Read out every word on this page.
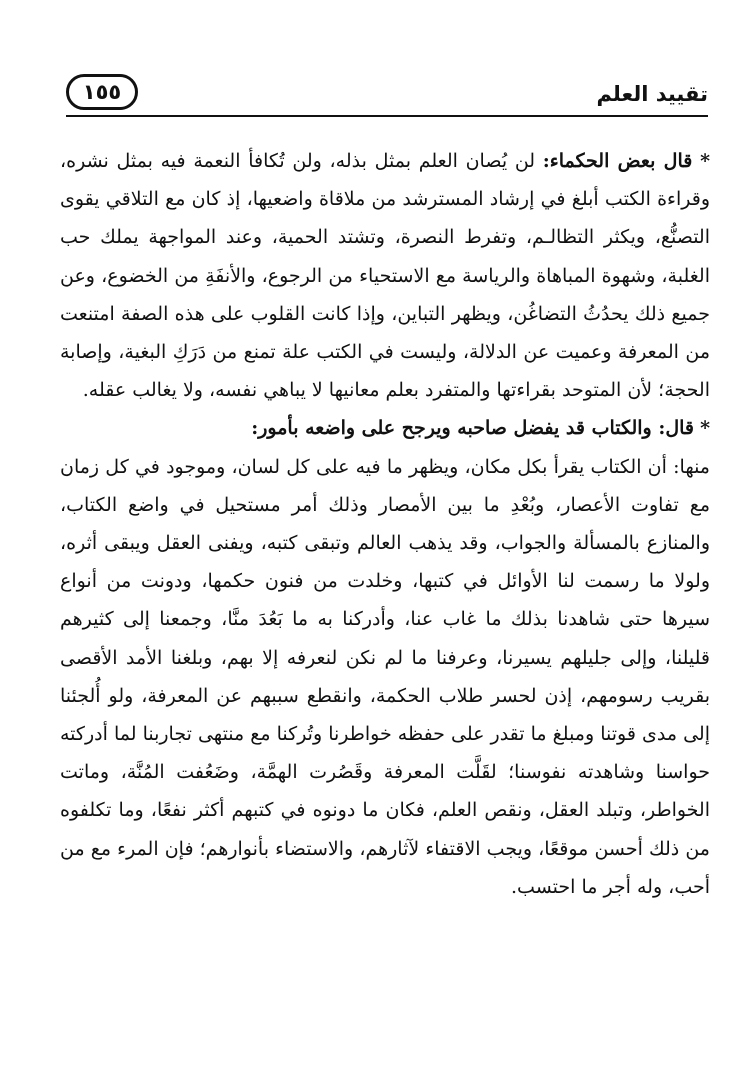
تقييد العلم
١٥٥

* قال بعض الحكماء: لن يُصان العلم بمثل بذله، ولن تُكافأ النعمة فيه بمثل نشره، وقراءة الكتب أبلغ في إرشاد المسترشد من ملاقاة واضعيها، إذ كان مع التلاقي يقوى التصنُّع، ويكثر التظالـم، وتفرط النصرة، وتشتد الحمية، وعند المواجهة يملك حب الغلبة، وشهوة المباهاة والرياسة مع الاستحياء من الرجوع، والأنفَةِ من الخضوع، وعن جميع ذلك يحدُثُ التضاغُن، ويظهر التباين، وإذا كانت القلوب على هذه الصفة امتنعت من المعرفة وعميت عن الدلالة، وليست في الكتب علة تمنع من دَرَكِ البغية، وإصابة الحجة؛ لأن المتوحد بقراءتها والمتفرد بعلم معانيها لا يباهي نفسه، ولا يغالب عقله.

* قال: والكتاب قد يفضل صاحبه ويرجح على واضعه بأمور:

منها: أن الكتاب يقرأ بكل مكان، ويظهر ما فيه على كل لسان، وموجود في كل زمان مع تفاوت الأعصار، وبُعْدِ ما بين الأمصار وذلك أمر مستحيل في واضع الكتاب، والمنازع بالمسألة والجواب، وقد يذهب العالم وتبقى كتبه، ويفنى العقل ويبقى أثره، ولولا ما رسمت لنا الأوائل في كتبها، وخلدت من فنون حكمها، ودونت من أنواع سيرها حتى شاهدنا بذلك ما غاب عنا، وأدركنا به ما بَعُدَ منَّا، وجمعنا إلى كثيرهم قليلنا، وإلى جليلهم يسيرنا، وعرفنا ما لم نكن لنعرفه إلا بهم، وبلغنا الأمد الأقصى بقريب رسومهم، إذن لحسر طلاب الحكمة، وانقطع سببهم عن المعرفة، ولو أُلجئنا إلى مدى قوتنا ومبلغ ما تقدر على حفظه خواطرنا وتُركنا مع منتهى تجاربنا لما أدركته حواسنا وشاهدته نفوسنا؛ لقَلَّت المعرفة وقَصُرت الهمَّة، وضَعُفت المُنَّة، وماتت الخواطر، وتبلد العقل، ونقص العلم، فكان ما دونوه في كتبهم أكثر نفعًا، وما تكلفوه من ذلك أحسن موقعًا، ويجب الاقتفاء لآثارهم، والاستضاء بأنوارهم؛ فإن المرء مع من أحب، وله أجر ما احتسب.
